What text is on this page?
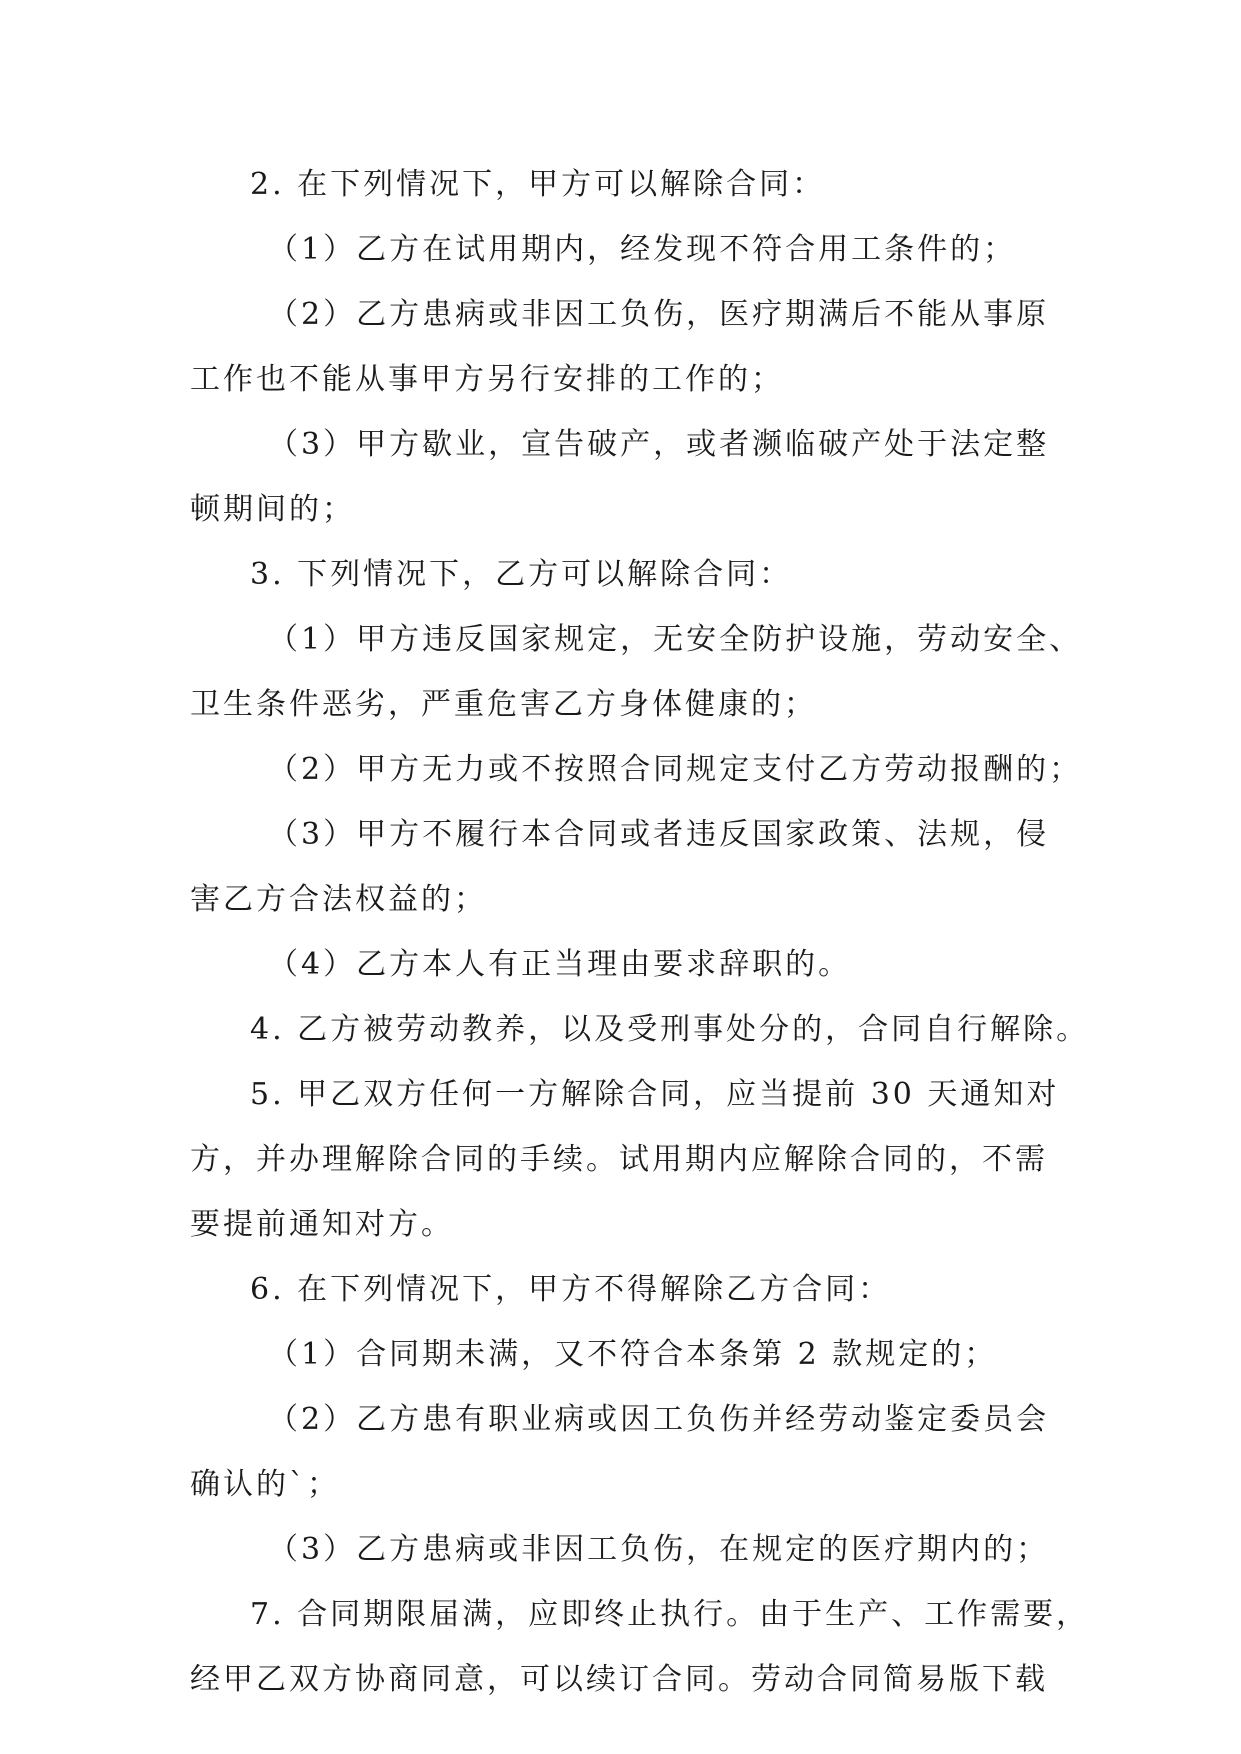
2. 在下列情况下，甲方可以解除合同：
（1）乙方在试用期内，经发现不符合用工条件的；
（2）乙方患病或非因工负伤，医疗期满后不能从事原
工作也不能从事甲方另行安排的工作的；
（3）甲方歇业，宣告破产，或者濒临破产处于法定整
顿期间的；
3. 下列情况下，乙方可以解除合同：
（1）甲方违反国家规定，无安全防护设施，劳动安全、
卫生条件恶劣，严重危害乙方身体健康的；
（2）甲方无力或不按照合同规定支付乙方劳动报酬的；
（3）甲方不履行本合同或者违反国家政策、法规，侵
害乙方合法权益的；
（4）乙方本人有正当理由要求辞职的。
4. 乙方被劳动教养，以及受刑事处分的，合同自行解除。
5. 甲乙双方任何一方解除合同，应当提前 30 天通知对
方，并办理解除合同的手续。试用期内应解除合同的，不需
要提前通知对方。
6. 在下列情况下，甲方不得解除乙方合同：
（1）合同期未满，又不符合本条第 2 款规定的；
（2）乙方患有职业病或因工负伤并经劳动鉴定委员会
确认的`；
（3）乙方患病或非因工负伤，在规定的医疗期内的；
7. 合同期限届满，应即终止执行。由于生产、工作需要，
经甲乙双方协商同意，可以续订合同。劳动合同简易版下载
